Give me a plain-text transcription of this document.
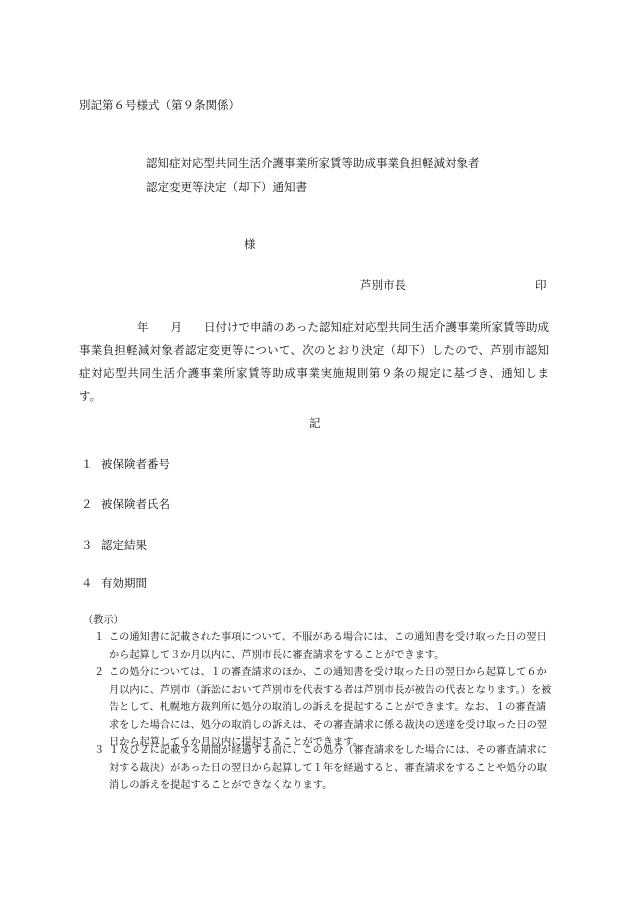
別記第６号様式（第９条関係）
認知症対応型共同生活介護事業所家賃等助成事業負担軽減対象者
認定変更等決定（却下）通知書
様
芦別市長	印
年 月 日付けで申請のあった認知症対応型共同生活介護事業所家賃等助成事業負担軽減対象者認定変更等について、次のとおり決定（却下）したので、芦別市認知症対応型共同生活介護事業所家賃等助成事業実施規則第９条の規定に基づき、通知します。
記
１ 被保険者番号
２ 被保険者氏名
３ 認定結果
４ 有効期間
（教示）
１ この通知書に記載された事項について、不服がある場合には、この通知書を受け取った日の翌日から起算して３か月以内に、芦別市長に審査請求をすることができます。
２ この処分については、１の審査請求のほか、この通知書を受け取った日の翌日から起算して６か月以内に、芦別市（訴訟において芦別市を代表する者は芦別市長が被告の代表となります。）を被告として、札幌地方裁判所に処分の取消しの訴えを提起することができます。なお、１の審査請求をした場合には、処分の取消しの訴えは、その審査請求に係る裁決の送達を受け取った日の翌日から起算して６か月以内に提起することができます。
３ １及び２に記載する期間が経過する前に、この処分（審査請求をした場合には、その審査請求に対する裁決）があった日の翌日から起算して１年を経過すると、審査請求をすることや処分の取消しの訴えを提起することができなくなります。
